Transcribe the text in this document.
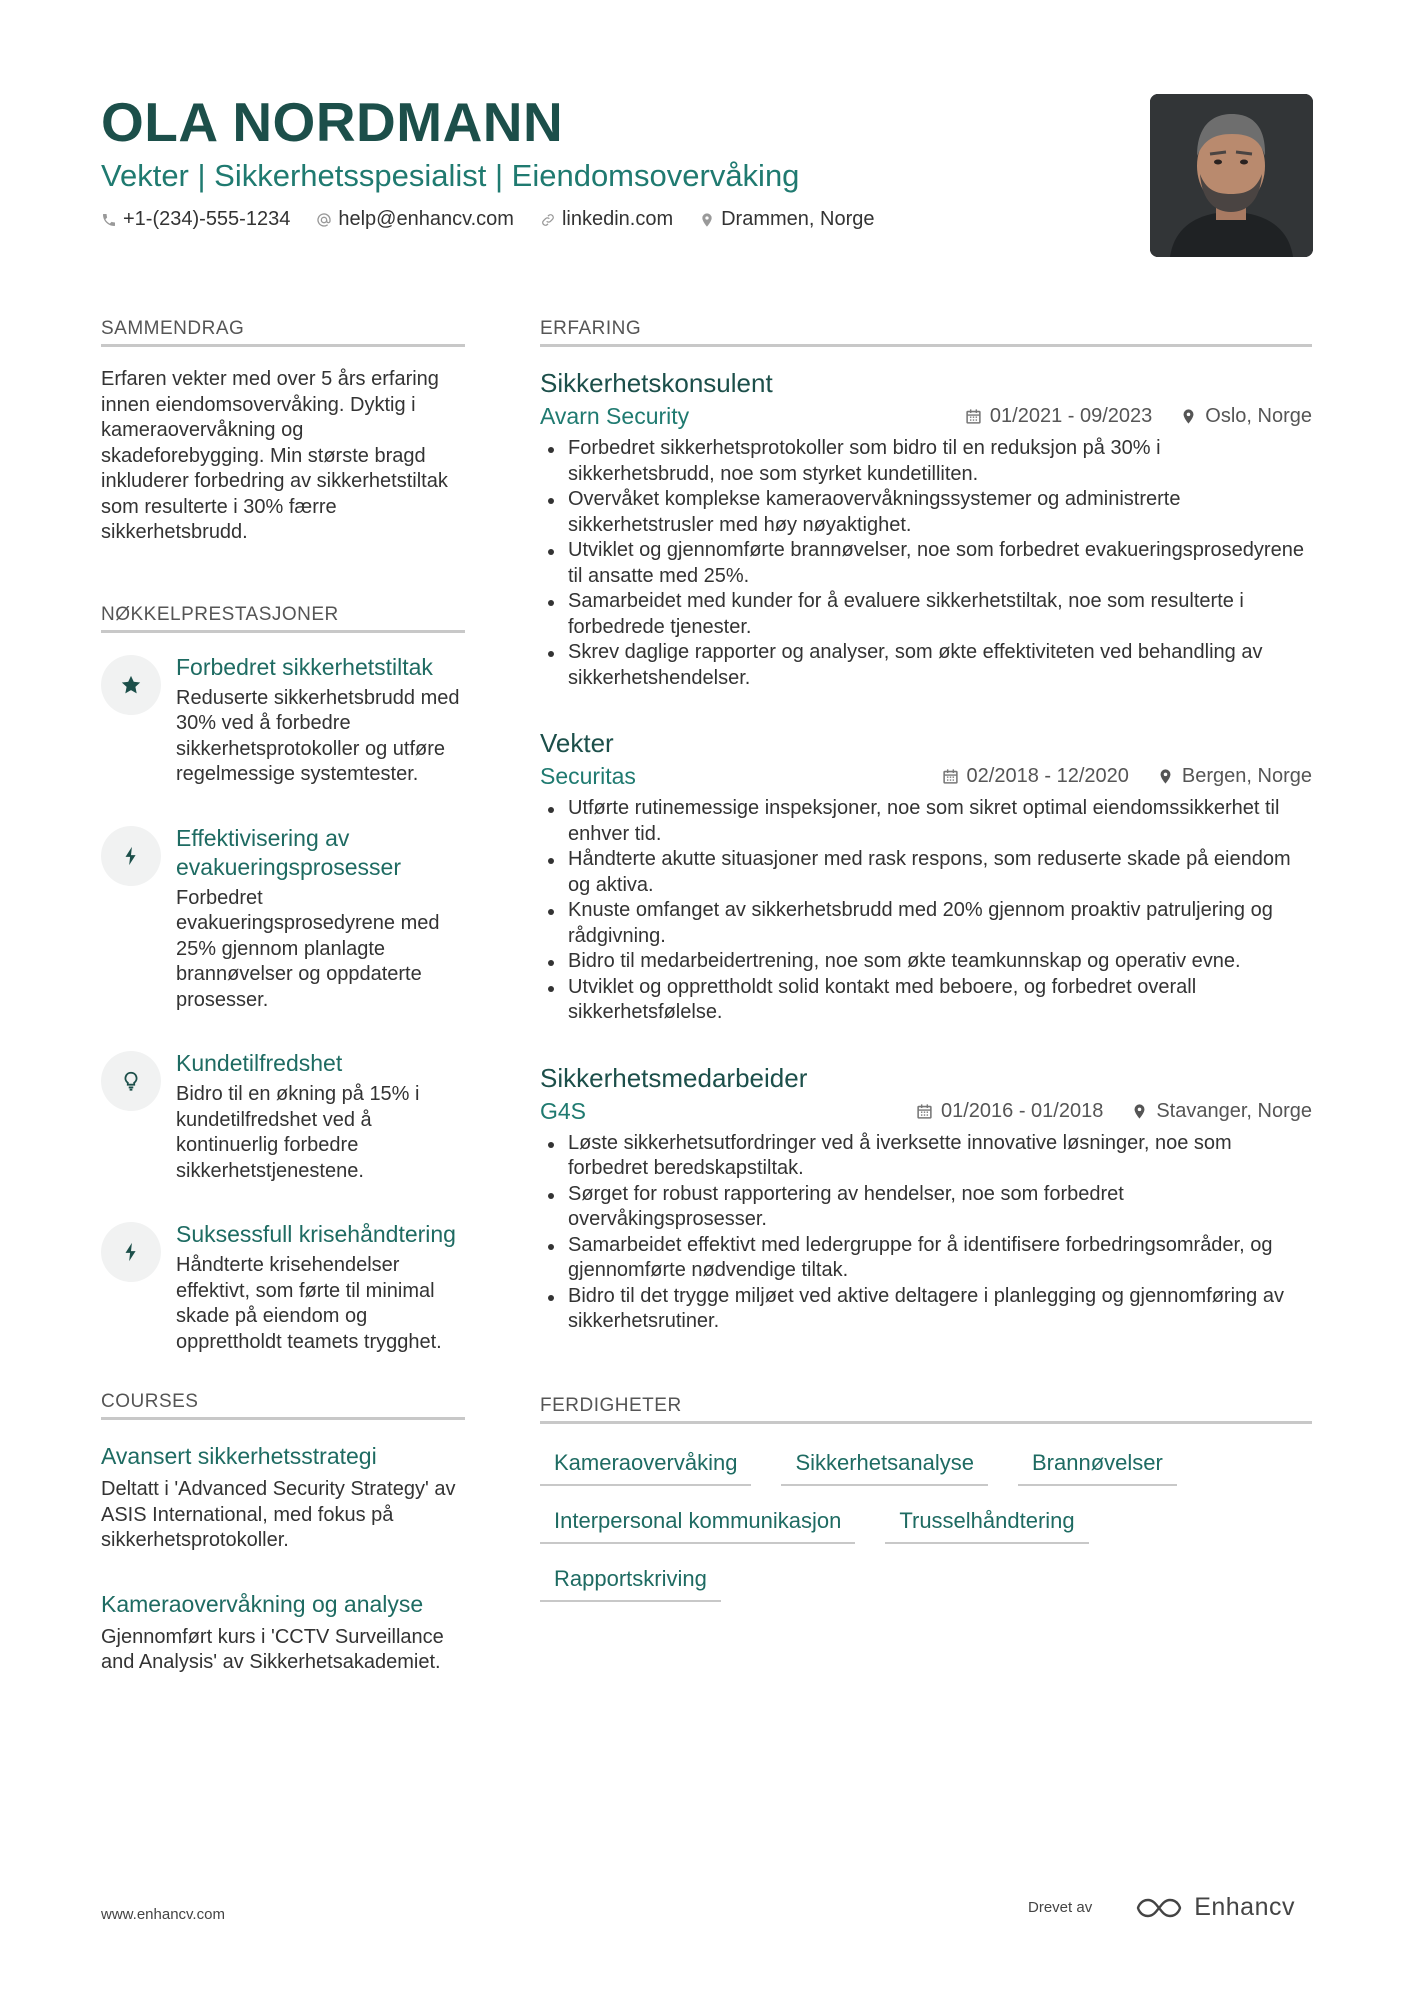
OLA NORDMANN
Vekter | Sikkerhetsspesialist | Eiendomsovervåking
+1-(234)-555-1234 help@enhancv.com linkedin.com Drammen, Norge
SAMMENDRAG
Erfaren vekter med over 5 års erfaring innen eiendomsovervåking. Dyktig i kameraovervåkning og skadeforebygging. Min største bragd inkluderer forbedring av sikkerhetstiltak som resulterte i 30% færre sikkerhetsbrudd.
NØKKELPRESTASJONER
Forbedret sikkerhetstiltak
Reduserte sikkerhetsbrudd med 30% ved å forbedre sikkerhetsprotokoller og utføre regelmessige systemtester.
Effektivisering av evakueringsprosesser
Forbedret evakueringsprosedyrene med 25% gjennom planlagte brannøvelser og oppdaterte prosesser.
Kundetilfredshet
Bidro til en økning på 15% i kundetilfredshet ved å kontinuerlig forbedre sikkerhetstjenestene.
Suksessfull krisehåndtering
Håndterte krisehendelser effektivt, som førte til minimal skade på eiendom og opprettholdt teamets trygghet.
COURSES
Avansert sikkerhetsstrategi
Deltatt i 'Advanced Security Strategy' av ASIS International, med fokus på sikkerhetsprotokoller.
Kameraovervåkning og analyse
Gjennomført kurs i 'CCTV Surveillance and Analysis' av Sikkerhetsakademiet.
ERFARING
Sikkerhetskonsulent
Avarn Security	01/2021 - 09/2023	Oslo, Norge
Forbedret sikkerhetsprotokoller som bidro til en reduksjon på 30% i sikkerhetsbrudd, noe som styrket kundetilliten.
Overvåket komplekse kameraovervåkningssystemer og administrerte sikkerhetstrusler med høy nøyaktighet.
Utviklet og gjennomførte brannøvelser, noe som forbedret evakueringsprosedyrene til ansatte med 25%.
Samarbeidet med kunder for å evaluere sikkerhetstiltak, noe som resulterte i forbedrede tjenester.
Skrev daglige rapporter og analyser, som økte effektiviteten ved behandling av sikkerhetshendelser.
Vekter
Securitas	02/2018 - 12/2020	Bergen, Norge
Utførte rutinemessige inspeksjoner, noe som sikret optimal eiendomssikkerhet til enhver tid.
Håndterte akutte situasjoner med rask respons, som reduserte skade på eiendom og aktiva.
Knuste omfanget av sikkerhetsbrudd med 20% gjennom proaktiv patruljering og rådgivning.
Bidro til medarbeidertrening, noe som økte teamkunnskap og operativ evne.
Utviklet og opprettholdt solid kontakt med beboere, og forbedret overall sikkerhetsfølelse.
Sikkerhetsmedarbeider
G4S	01/2016 - 01/2018	Stavanger, Norge
Løste sikkerhetsutfordringer ved å iverksette innovative løsninger, noe som forbedret beredskapstiltak.
Sørget for robust rapportering av hendelser, noe som forbedret overvåkingsprosesser.
Samarbeidet effektivt med ledergruppe for å identifisere forbedringsområder, og gjennomførte nødvendige tiltak.
Bidro til det trygge miljøet ved aktive deltagere i planlegging og gjennomføring av sikkerhetsrutiner.
FERDIGHETER
Kameraovervåking	Sikkerhetsanalyse	Brannøvelser
Interpersonal kommunikasjon	Trusselhåndtering
Rapportskriving
www.enhancv.com	Drevet av	Enhancv
